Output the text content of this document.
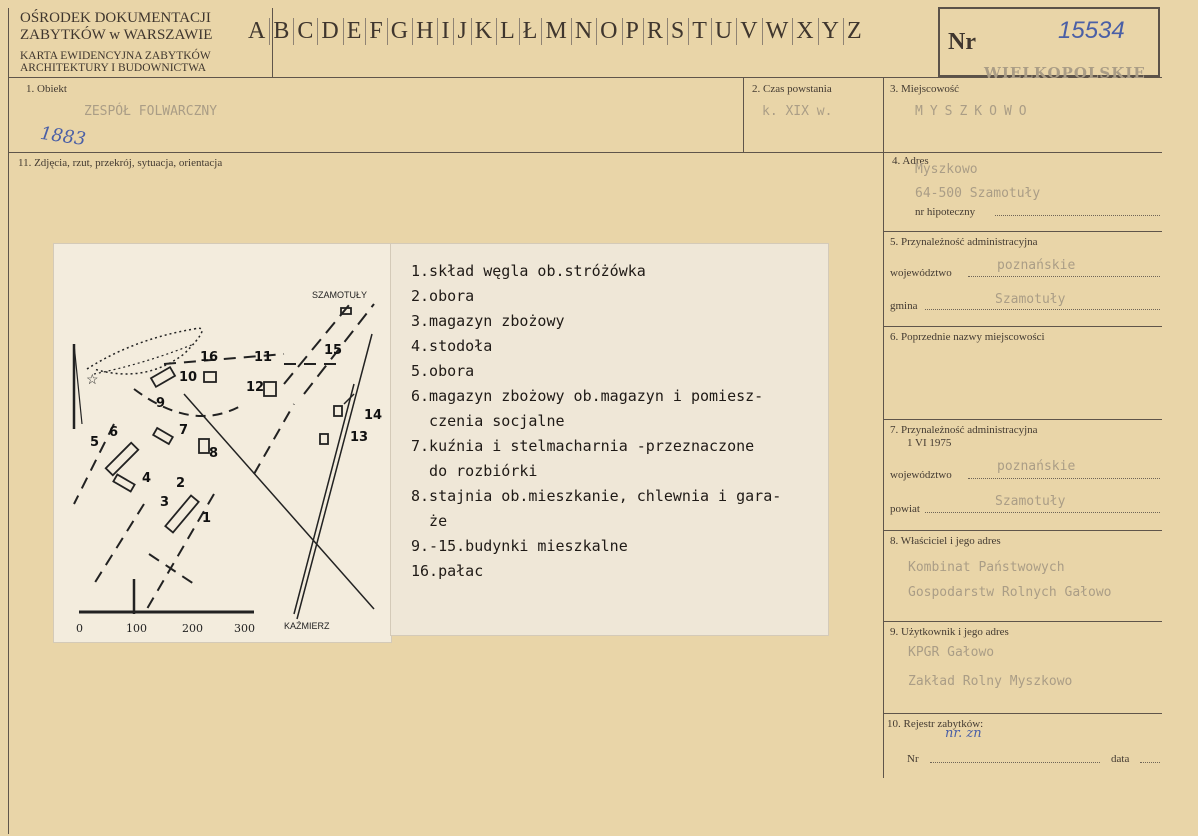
OŚRODEK DOKUMENTACJI
ZABYTKÓW w WARSZAWIE
KARTA EWIDENCYJNA ZABYTKÓW
ARCHITEKTURY I BUDOWNICTWA
A B C D E F G H I J K L Ł M N O P R S T U V W X Y Z	Nr	15534
WIELKOPOLSKIE
1. Obiekt
ZESPÓŁ FOLWARCZNY
1883
2. Czas powstania
k. XIX w.
3. Miejscowość
MYSZKOWO
11. Zdjęcia, rzut, przekrój, sytuacja, orientacja
☆
SZAMOTUŁY
KAŹMIERZ
0	100	200	300
1
2
3
4
5
6	7
8
9
10
11
12
13
14
15
16
1.skład węgla ob.stróżówka
2.obora
3.magazyn zbożowy
4.stodoła
5.obora
6.magazyn zbożowy ob.magazyn i pomiesz-
czenia socjalne
7.kuźnia i stelmacharnia -przeznaczone
do rozbiórki
8.stajnia ob.mieszkanie, chlewnia i gara-
że
9.-15.budynki mieszkalne
16.pałac
4. Adres
Myszkowo
64-500 Szamotuły
nr hipoteczny
5. Przynależność administracyjna
województwo	poznańskie
gmina	Szamotuły
6. Poprzednie nazwy miejscowości
7. Przynależność administracyjna
1 VI 1975
województwo
poznańskie
powiat	Szamotuły
8. Właściciel i jego adres
Kombinat Państwowych
Gospodarstw Rolnych Gałowo
9. Użytkownik i jego adres
KPGR Gałowo
Zakład Rolny Myszkowo
10. Rejestr zabytków:
nr. zn
Nr	data
